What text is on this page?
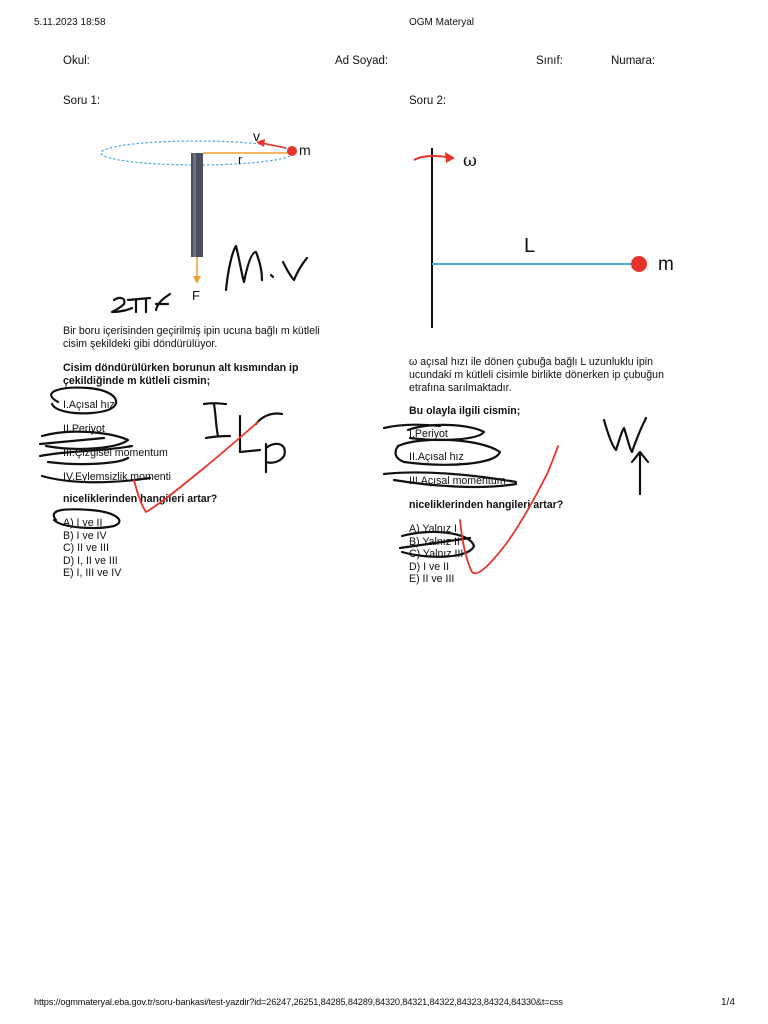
5.11.2023 18:58	OGM Materyal
Okul:	Ad Soyad:	Sınıf:	Numara:
Soru 1:
v
m
r
F
Bir boru içerisinden geçirilmiş ipin ucuna bağlı m kütleli
cisim şekildeki gibi döndürülüyor.
Cisim döndürülürken borunun alt kısmından ip
çekildiğinde m kütleli cismin;
I.Açısal hız
II.Periyot
III.Çizgisel momentum
IV.Eylemsizlik momenti
niceliklerinden hangileri artar?
A) I ve II
B) I ve IV
C) II ve III
D) I, II ve III
E) I, III ve IV
Soru 2:
ω
L
m
ω açısal hızı ile dönen çubuğa bağlı L uzunluklu ipin
ucundaki m kütleli cisimle birlikte dönerken ip çubuğun
etrafına sarılmaktadır.
Bu olayla ilgili cismin;
I.Periyot
II.Açısal hız
III.Açısal momentum
niceliklerinden hangileri artar?
A) Yalnız I
B) Yalnız II
C) Yalnız III
D) I ve II
E) II ve III
https://ogmmateryal.eba.gov.tr/soru-bankasi/test-yazdir?id=26247,26251,84285,84289,84320,84321,84322,84323,84324,84330&t=css	1/4
